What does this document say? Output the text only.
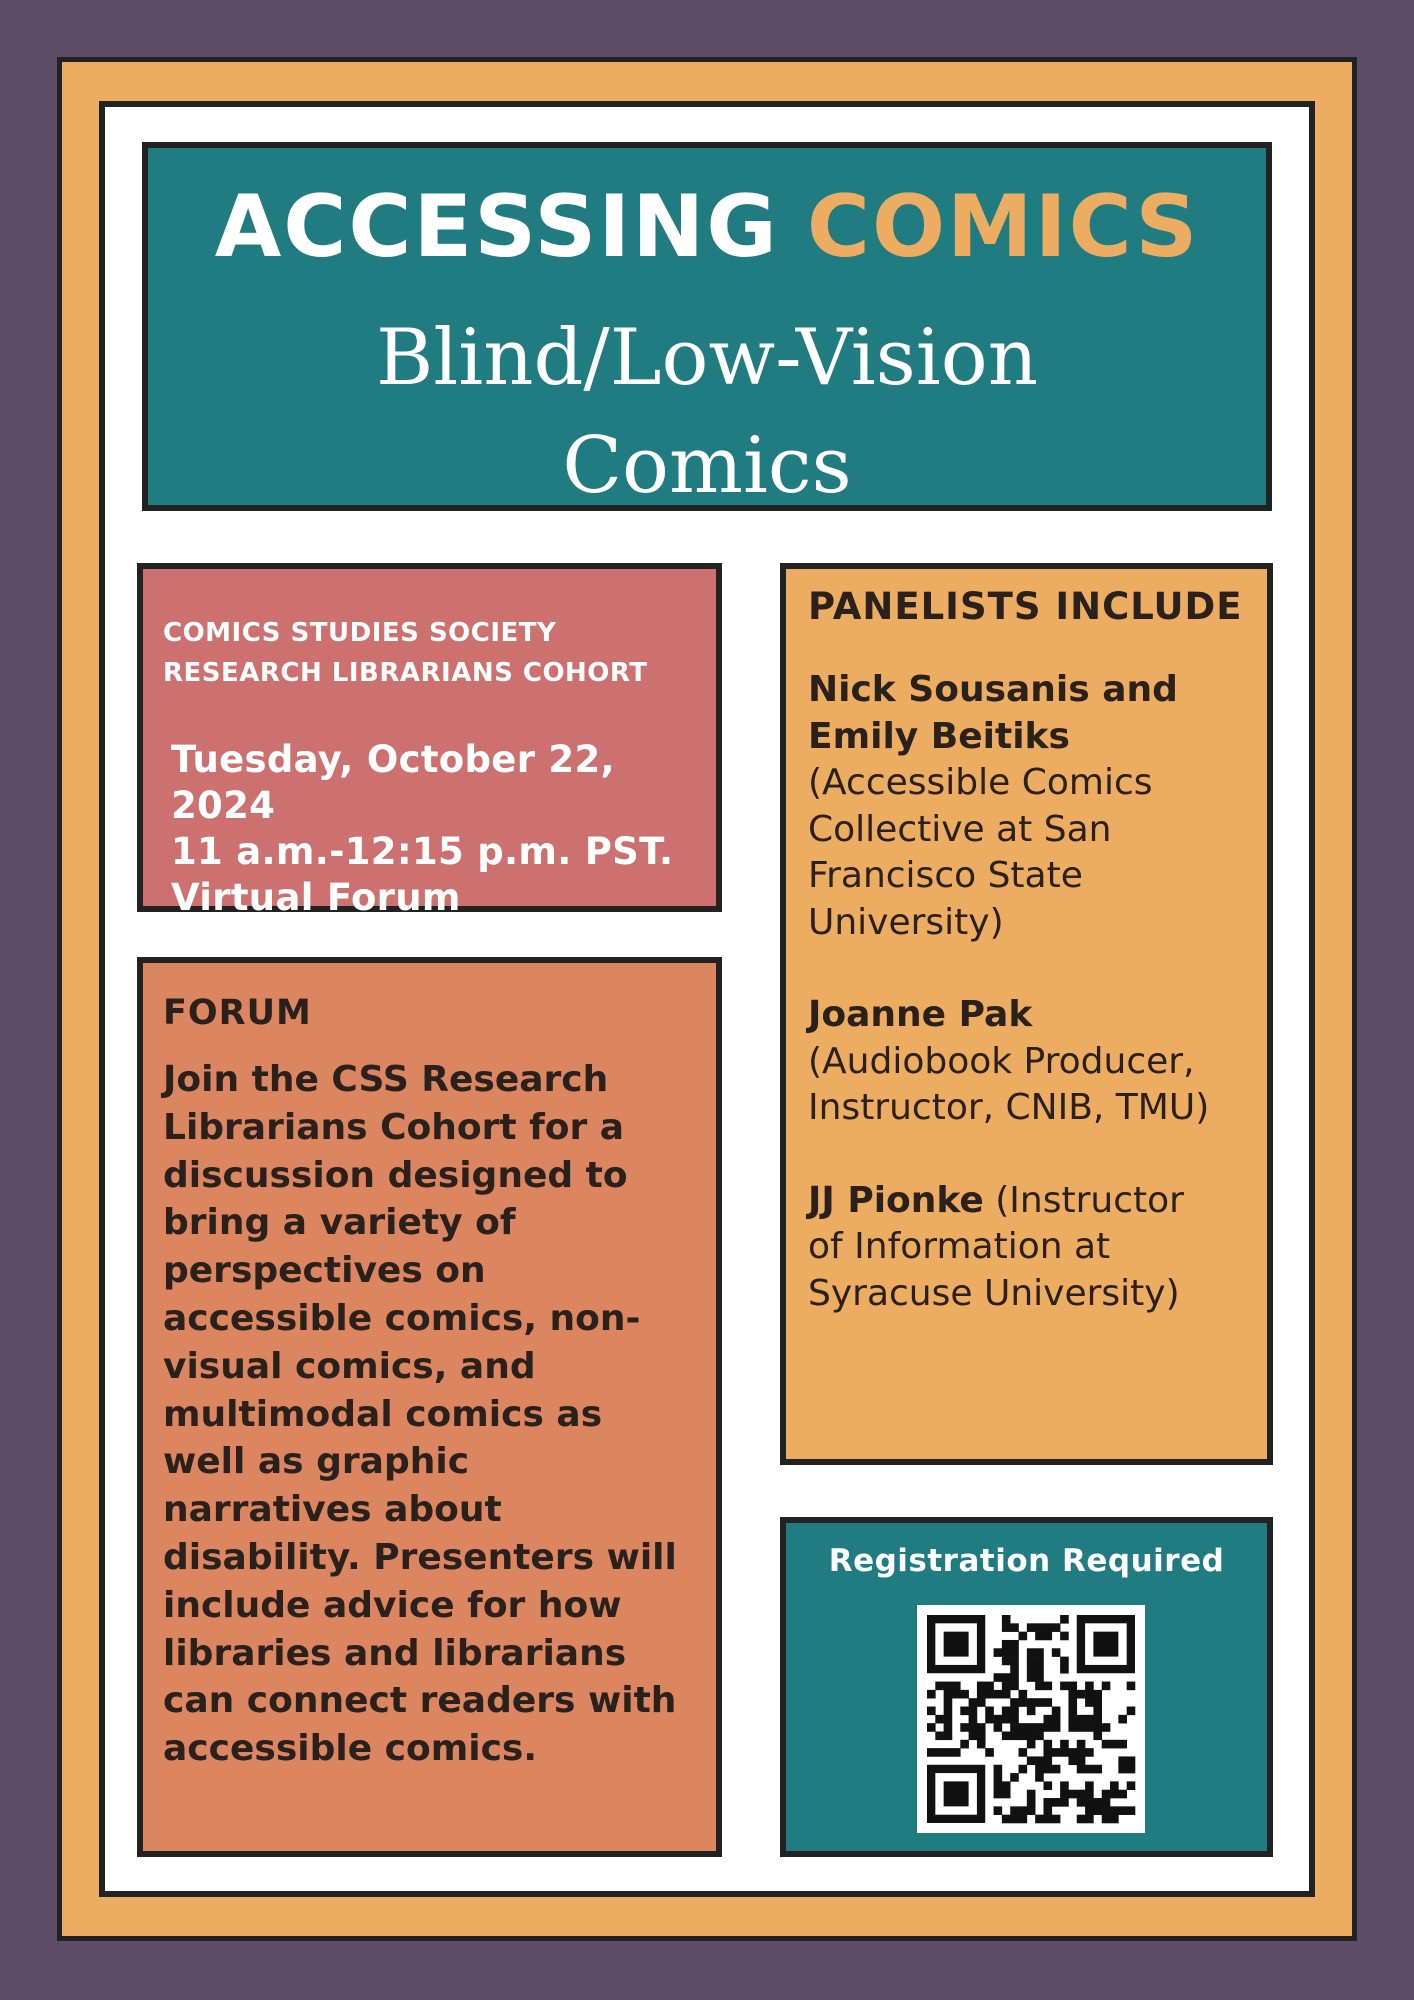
ACCESSING COMICS
Blind/Low-Vision
Comics
COMICS STUDIES SOCIETY
RESEARCH LIBRARIANS COHORT
Tuesday, October 22, 2024
11 a.m.-12:15 p.m. PST.
Virtual Forum
FORUM
Join the CSS Research
Librarians Cohort for a
discussion designed to
bring a variety of
perspectives on
accessible comics, non-
visual comics, and
multimodal comics as
well as graphic
narratives about
disability. Presenters will
include advice for how
libraries and librarians
can connect readers with
accessible comics.
PANELISTS INCLUDE
Nick Sousanis and
Emily Beitiks
(Accessible Comics
Collective at San
Francisco State
University)
Joanne Pak
(Audiobook Producer,
Instructor, CNIB, TMU)
JJ Pionke (Instructor
of Information at
Syracuse University)
Registration Required
